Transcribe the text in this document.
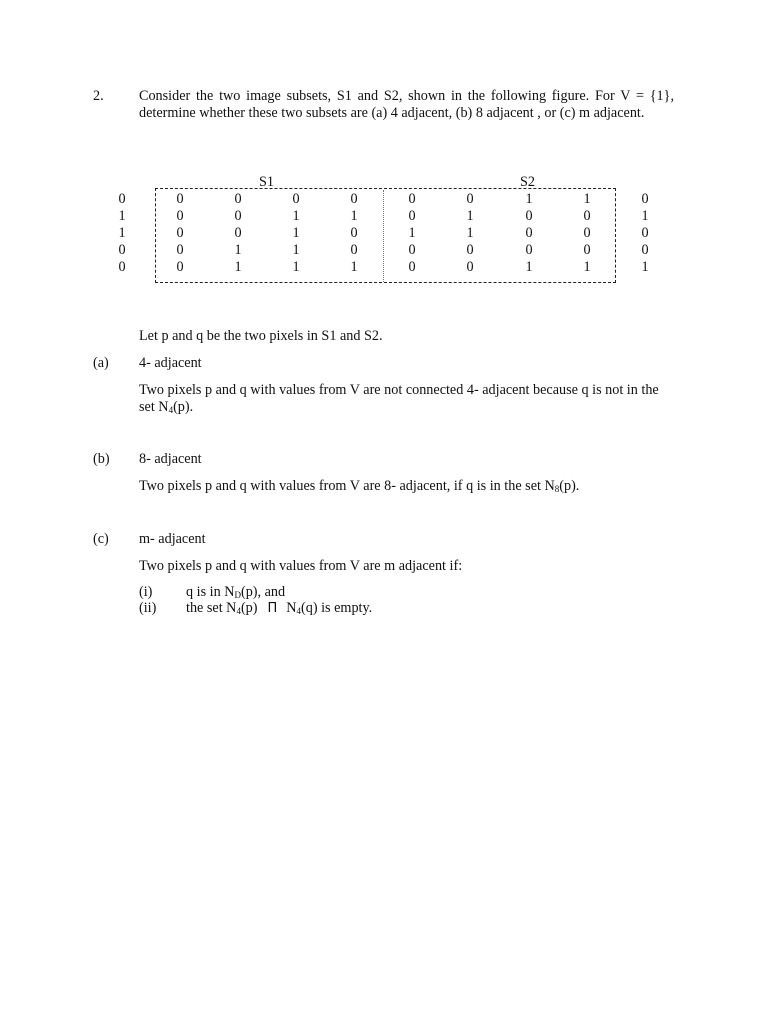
2. Consider the two image subsets, S1 and S2, shown in the following figure. For V = {1}, determine whether these two subsets are (a) 4 adjacent, (b) 8 adjacent , or (c) m adjacent.
S1	S2
0	0	0	0	0	0	0	1	1	0
1	0	0	1	1	0	1	0	0	1
1	0	0	1	0	1	1	0	0	0
0	0	1	1	0	0	0	0	0	0
0	0	1	1	1	0	0	1	1	1
Let p and q be the two pixels in S1 and S2.
(a) 4- adjacent
Two pixels p and q with values from V are not connected 4- adjacent because q is not in the set $N_4(p)$.
(b) 8- adjacent
Two pixels p and q with values from V are 8- adjacent, if q is in the set $N_8(p)$.
(c) m- adjacent
Two pixels p and q with values from V are m adjacent if:
(i) q is in $N_D(p)$, and
(ii) the set $N_4(p)$ Π $N_4(q)$ is empty.
